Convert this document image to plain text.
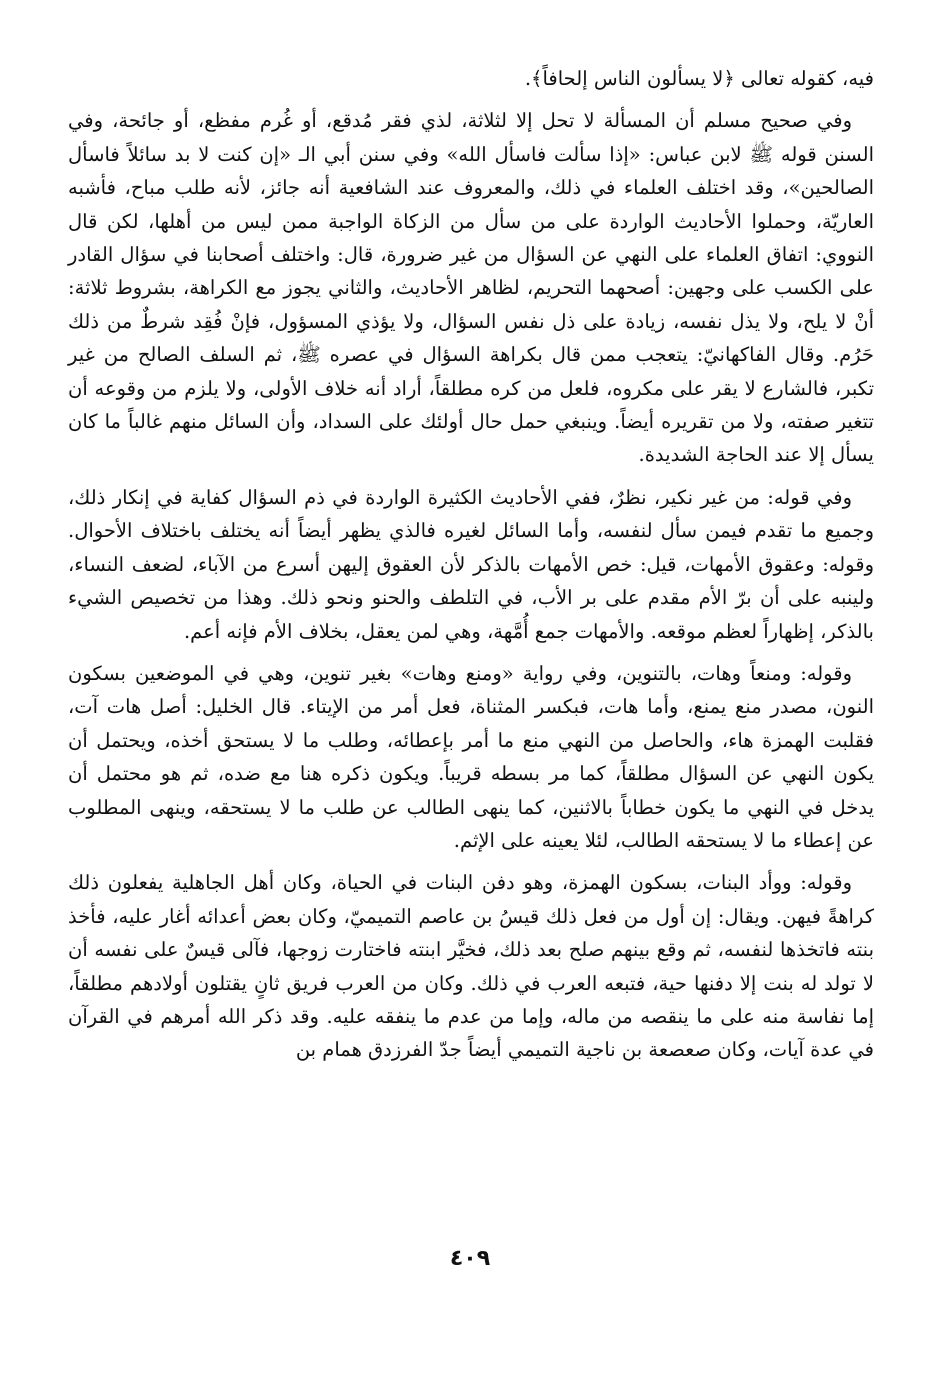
فيه، كقوله تعالى ﴿لا يسألون الناس إلحافاً﴾.

وفي صحيح مسلم أن المسألة لا تحل إلا لثلاثة، لذي فقر مُدقع، أو غُرم مفظع، أو جائحة، وفي السنن قوله ﷺ لابن عباس: «إذا سألت فاسأل الله» وفي سنن أبي الـ «إن كنت لا بد سائلاً فاسأل الصالحين»، وقد اختلف العلماء في ذلك، والمعروف عند الشافعية أنه جائز، لأنه طلب مباح، فأشبه العاريّة، وحملوا الأحاديث الواردة على من سأل من الزكاة الواجبة ممن ليس من أهلها، لكن قال النووي: اتفاق العلماء على النهي عن السؤال من غير ضرورة، قال: واختلف أصحابنا في سؤال القادر على الكسب على وجهين: أصحهما التحريم، لظاهر الأحاديث، والثاني يجوز مع الكراهة، بشروط ثلاثة: أنْ لا يلح، ولا يذل نفسه، زيادة على ذل نفس السؤال، ولا يؤذي المسؤول، فإنْ فُقِد شرطٌ من ذلك حَرُم. وقال الفاكهانيّ: يتعجب ممن قال بكراهة السؤال في عصره ﷺ، ثم السلف الصالح من غير تكبر، فالشارع لا يقر على مكروه، فلعل من كره مطلقاً، أراد أنه خلاف الأولى، ولا يلزم من وقوعه أن تتغير صفته، ولا من تقريره أيضاً. وينبغي حمل حال أولئك على السداد، وأن السائل منهم غالباً ما كان يسأل إلا عند الحاجة الشديدة.

وفي قوله: من غير نكير، نظرٌ، ففي الأحاديث الكثيرة الواردة في ذم السؤال كفاية في إنكار ذلك، وجميع ما تقدم فيمن سأل لنفسه، وأما السائل لغيره فالذي يظهر أيضاً أنه يختلف باختلاف الأحوال. وقوله: وعقوق الأمهات، قيل: خص الأمهات بالذكر لأن العقوق إليهن أسرع من الآباء، لضعف النساء، ولينبه على أن برّ الأم مقدم على بر الأب، في التلطف والحنو ونحو ذلك. وهذا من تخصيص الشيء بالذكر، إظهاراً لعظم موقعه. والأمهات جمع أُمَّهة، وهي لمن يعقل، بخلاف الأم فإنه أعم.

وقوله: ومنعاً وهات، بالتنوين، وفي رواية «ومنع وهات» بغير تنوين، وهي في الموضعين بسكون النون، مصدر منع يمنع، وأما هات، فبكسر المثناة، فعل أمر من الإيتاء. قال الخليل: أصل هات آت، فقلبت الهمزة هاء، والحاصل من النهي منع ما أمر بإعطائه، وطلب ما لا يستحق أخذه، ويحتمل أن يكون النهي عن السؤال مطلقاً، كما مر بسطه قريباً. ويكون ذكره هنا مع ضده، ثم هو محتمل أن يدخل في النهي ما يكون خطاباً بالاثنين، كما ينهى الطالب عن طلب ما لا يستحقه، وينهى المطلوب عن إعطاء ما لا يستحقه الطالب، لئلا يعينه على الإثم.

وقوله: ووأد البنات، بسكون الهمزة، وهو دفن البنات في الحياة، وكان أهل الجاهلية يفعلون ذلك كراهةً فيهن. ويقال: إن أول من فعل ذلك قيسُ بن عاصم التميميّ، وكان بعض أعدائه أغار عليه، فأخذ بنته فاتخذها لنفسه، ثم وقع بينهم صلح بعد ذلك، فخيَّر ابنته فاختارت زوجها، فآلى قيسٌ على نفسه أن لا تولد له بنت إلا دفنها حية، فتبعه العرب في ذلك. وكان من العرب فريق ثانٍ يقتلون أولادهم مطلقاً، إما نفاسة منه على ما ينقصه من ماله، وإما من عدم ما ينفقه عليه. وقد ذكر الله أمرهم في القرآن في عدة آيات، وكان صعصعة بن ناجية التميمي أيضاً جدّ الفرزدق همام بن

٤٠٩
